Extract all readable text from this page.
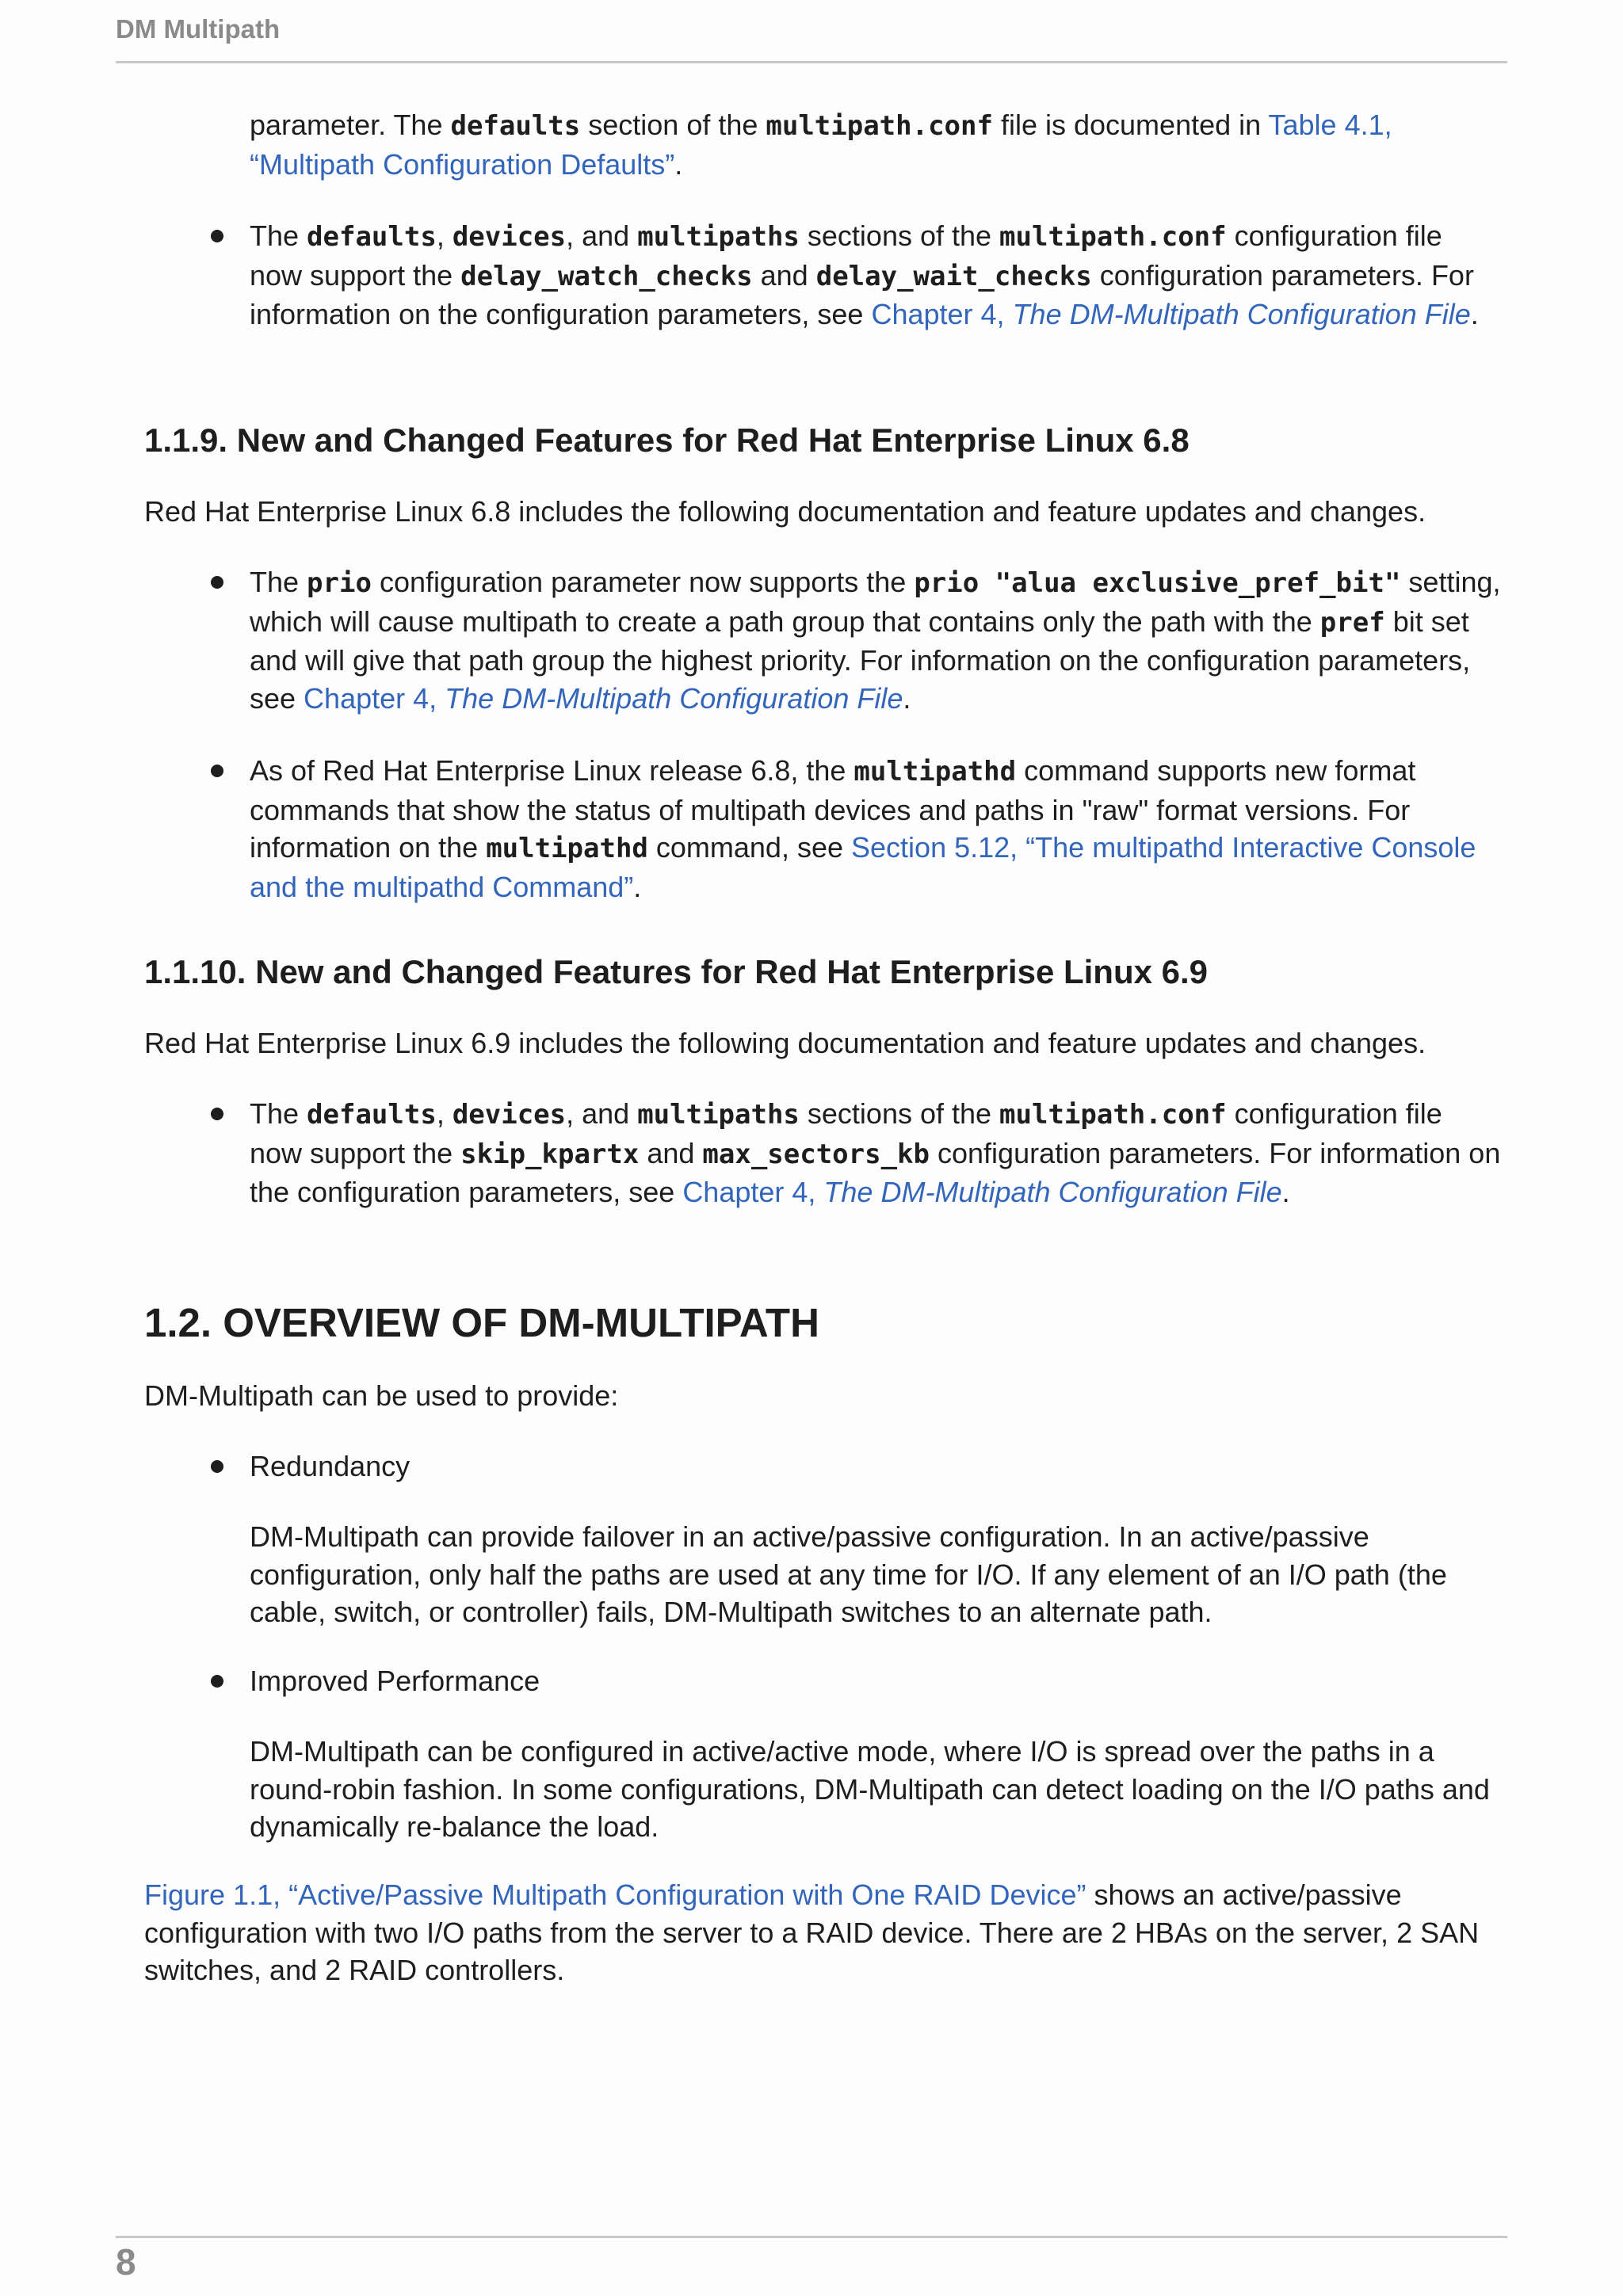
DM Multipath
parameter. The defaults section of the multipath.conf file is documented in Table 4.1, “Multipath Configuration Defaults”.
The defaults, devices, and multipaths sections of the multipath.conf configuration file now support the delay_watch_checks and delay_wait_checks configuration parameters. For information on the configuration parameters, see Chapter 4, The DM-Multipath Configuration File.
1.1.9. New and Changed Features for Red Hat Enterprise Linux 6.8
Red Hat Enterprise Linux 6.8 includes the following documentation and feature updates and changes.
The prio configuration parameter now supports the prio "alua exclusive_pref_bit" setting, which will cause multipath to create a path group that contains only the path with the pref bit set and will give that path group the highest priority. For information on the configuration parameters, see Chapter 4, The DM-Multipath Configuration File.
As of Red Hat Enterprise Linux release 6.8, the multipathd command supports new format commands that show the status of multipath devices and paths in "raw" format versions. For information on the multipathd command, see Section 5.12, “The multipathd Interactive Console and the multipathd Command”.
1.1.10. New and Changed Features for Red Hat Enterprise Linux 6.9
Red Hat Enterprise Linux 6.9 includes the following documentation and feature updates and changes.
The defaults, devices, and multipaths sections of the multipath.conf configuration file now support the skip_kpartx and max_sectors_kb configuration parameters. For information on the configuration parameters, see Chapter 4, The DM-Multipath Configuration File.
1.2. OVERVIEW OF DM-MULTIPATH
DM-Multipath can be used to provide:
Redundancy
DM-Multipath can provide failover in an active/passive configuration. In an active/passive configuration, only half the paths are used at any time for I/O. If any element of an I/O path (the cable, switch, or controller) fails, DM-Multipath switches to an alternate path.
Improved Performance
DM-Multipath can be configured in active/active mode, where I/O is spread over the paths in a round-robin fashion. In some configurations, DM-Multipath can detect loading on the I/O paths and dynamically re-balance the load.
Figure 1.1, “Active/Passive Multipath Configuration with One RAID Device” shows an active/passive configuration with two I/O paths from the server to a RAID device. There are 2 HBAs on the server, 2 SAN switches, and 2 RAID controllers.
8
